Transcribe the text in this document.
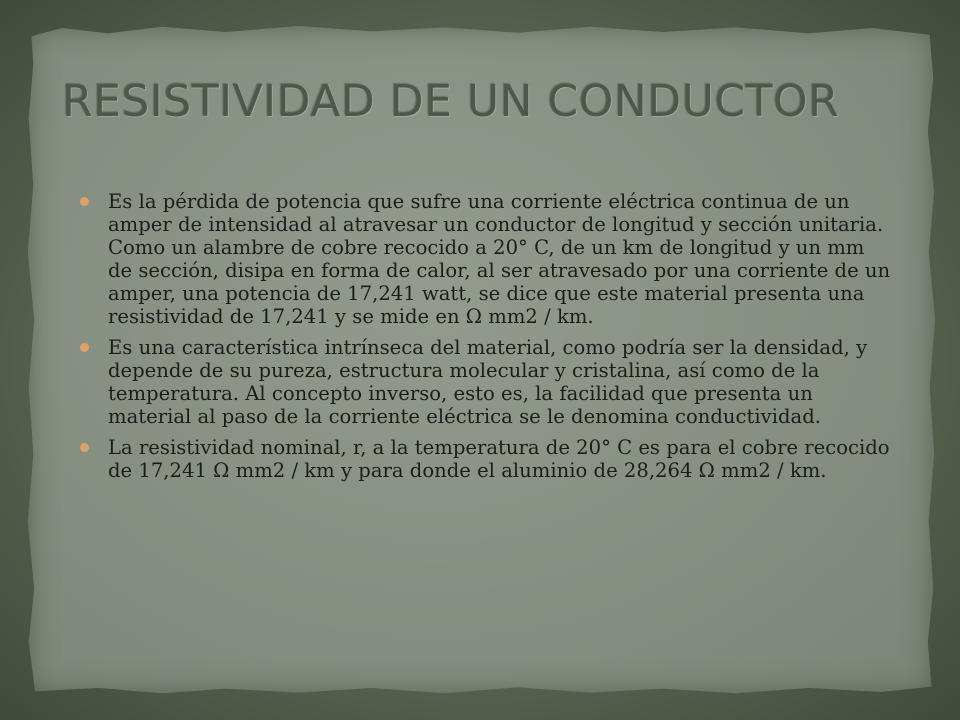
RESISTIVIDAD DE UN CONDUCTOR
Es la pérdida de potencia que sufre una corriente eléctrica continua de un amper de intensidad al atravesar un conductor de longitud y sección unitaria. Como un alambre de cobre recocido a 20° C, de un km de longitud y un mm de sección, disipa en forma de calor, al ser atravesado por una corriente de un amper, una potencia de 17,241 watt, se dice que este material presenta una resistividad de 17,241 y se mide en Ω mm2 / km.
Es una característica intrínseca del material, como podría ser la densidad, y depende de su pureza, estructura molecular y cristalina, así como de la temperatura. Al concepto inverso, esto es, la facilidad que presenta un material al paso de la corriente eléctrica se le denomina conductividad.
La resistividad nominal, r, a la temperatura de 20° C es para el cobre recocido de 17,241 Ω mm2 / km y para donde el aluminio de 28,264 Ω mm2 / km.
